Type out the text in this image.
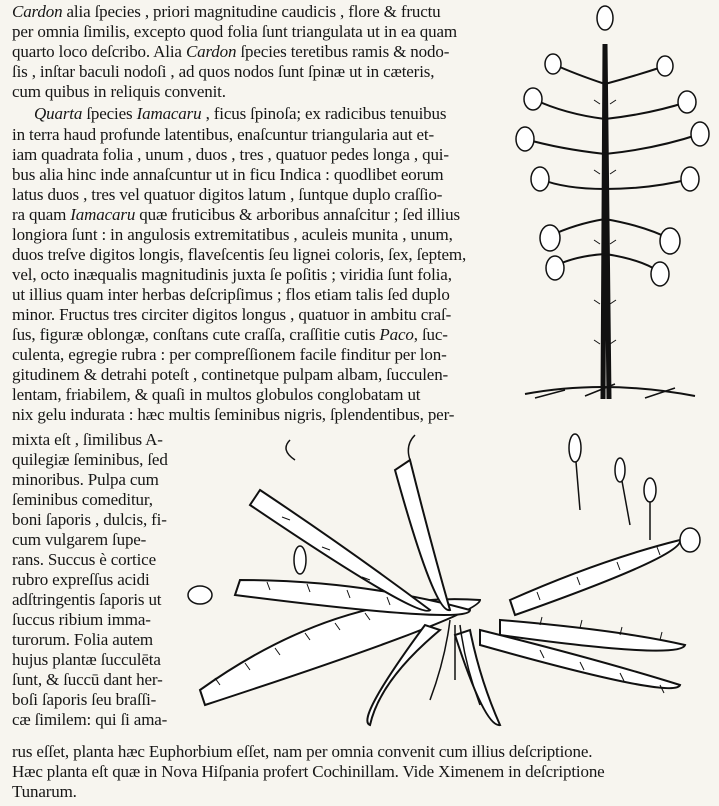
Cardon alia ſpecies , priori magnitudine caudicis , flore & fructu
per omnia ſimilis, excepto quod folia ſunt triangulata ut in ea quam
quarto loco deſcribo. Alia Cardon ſpecies teretibus ramis & nodo-
ſis , inſtar baculi nodoſi , ad quos nodos ſunt ſpinæ ut in cæteris,
cum quibus in reliquis convenit.
Quarta ſpecies Iamacaru , ficus ſpinoſa; ex radicibus tenuibus
in terra haud profunde latentibus, enaſcuntur triangularia aut et-
iam quadrata folia , unum , duos , tres , quatuor pedes longa , qui-
bus alia hinc inde annaſcuntur ut in ficu Indica : quodlibet eorum
latus duos , tres vel quatuor digitos latum , ſuntque duplo craſſio-
ra quam Iamacaru quæ fruticibus & arboribus annaſcitur ; ſed illius
longiora ſunt : in angulosis extremitatibus , aculeis munita , unum,
duos treſve digitos longis, flaveſcentis ſeu lignei coloris, ſex, ſeptem,
vel, octo inæqualis magnitudinis juxta ſe poſitis ; viridia ſunt folia,
ut illius quam inter herbas deſcripſimus ; flos etiam talis ſed duplo
minor. Fructus tres circiter digitos longus , quatuor in ambitu craſ-
ſus, figuræ oblongæ, conſtans cute craſſa, craſſitie cutis Paco, ſuc-
culenta, egregie rubra : per compreſſionem facile finditur per lon-
gitudinem & detrahi poteſt , continetque pulpam albam, ſucculen-
lentam, friabilem, & quaſi in multos globulos conglobatam ut
nix gelu indurata : hæc multis ſeminibus nigris, ſplendentibus, per-
mixta eſt , ſimilibus A-
quilegiæ ſeminibus, ſed
minoribus. Pulpa cum
ſeminibus comeditur,
boni ſaporis , dulcis, fi-
cum vulgarem ſupe-
rans. Succus è cortice
rubro expreſſus acidi
adſtringentis ſaporis ut
ſuccus ribium imma-
turorum. Folia autem
hujus plantæ ſucculēta
ſunt, & ſuccū dant her-
boſi ſaporis ſeu braſſi-
cæ ſimilem: qui ſi ama-
rus eſſet, planta hæc Euphorbium eſſet, nam per omnia convenit cum illius deſcriptione.
Hæc planta eſt quæ in Nova Hiſpania profert Cochinillam. Vide Ximenem in deſcriptione
Tunarum.
